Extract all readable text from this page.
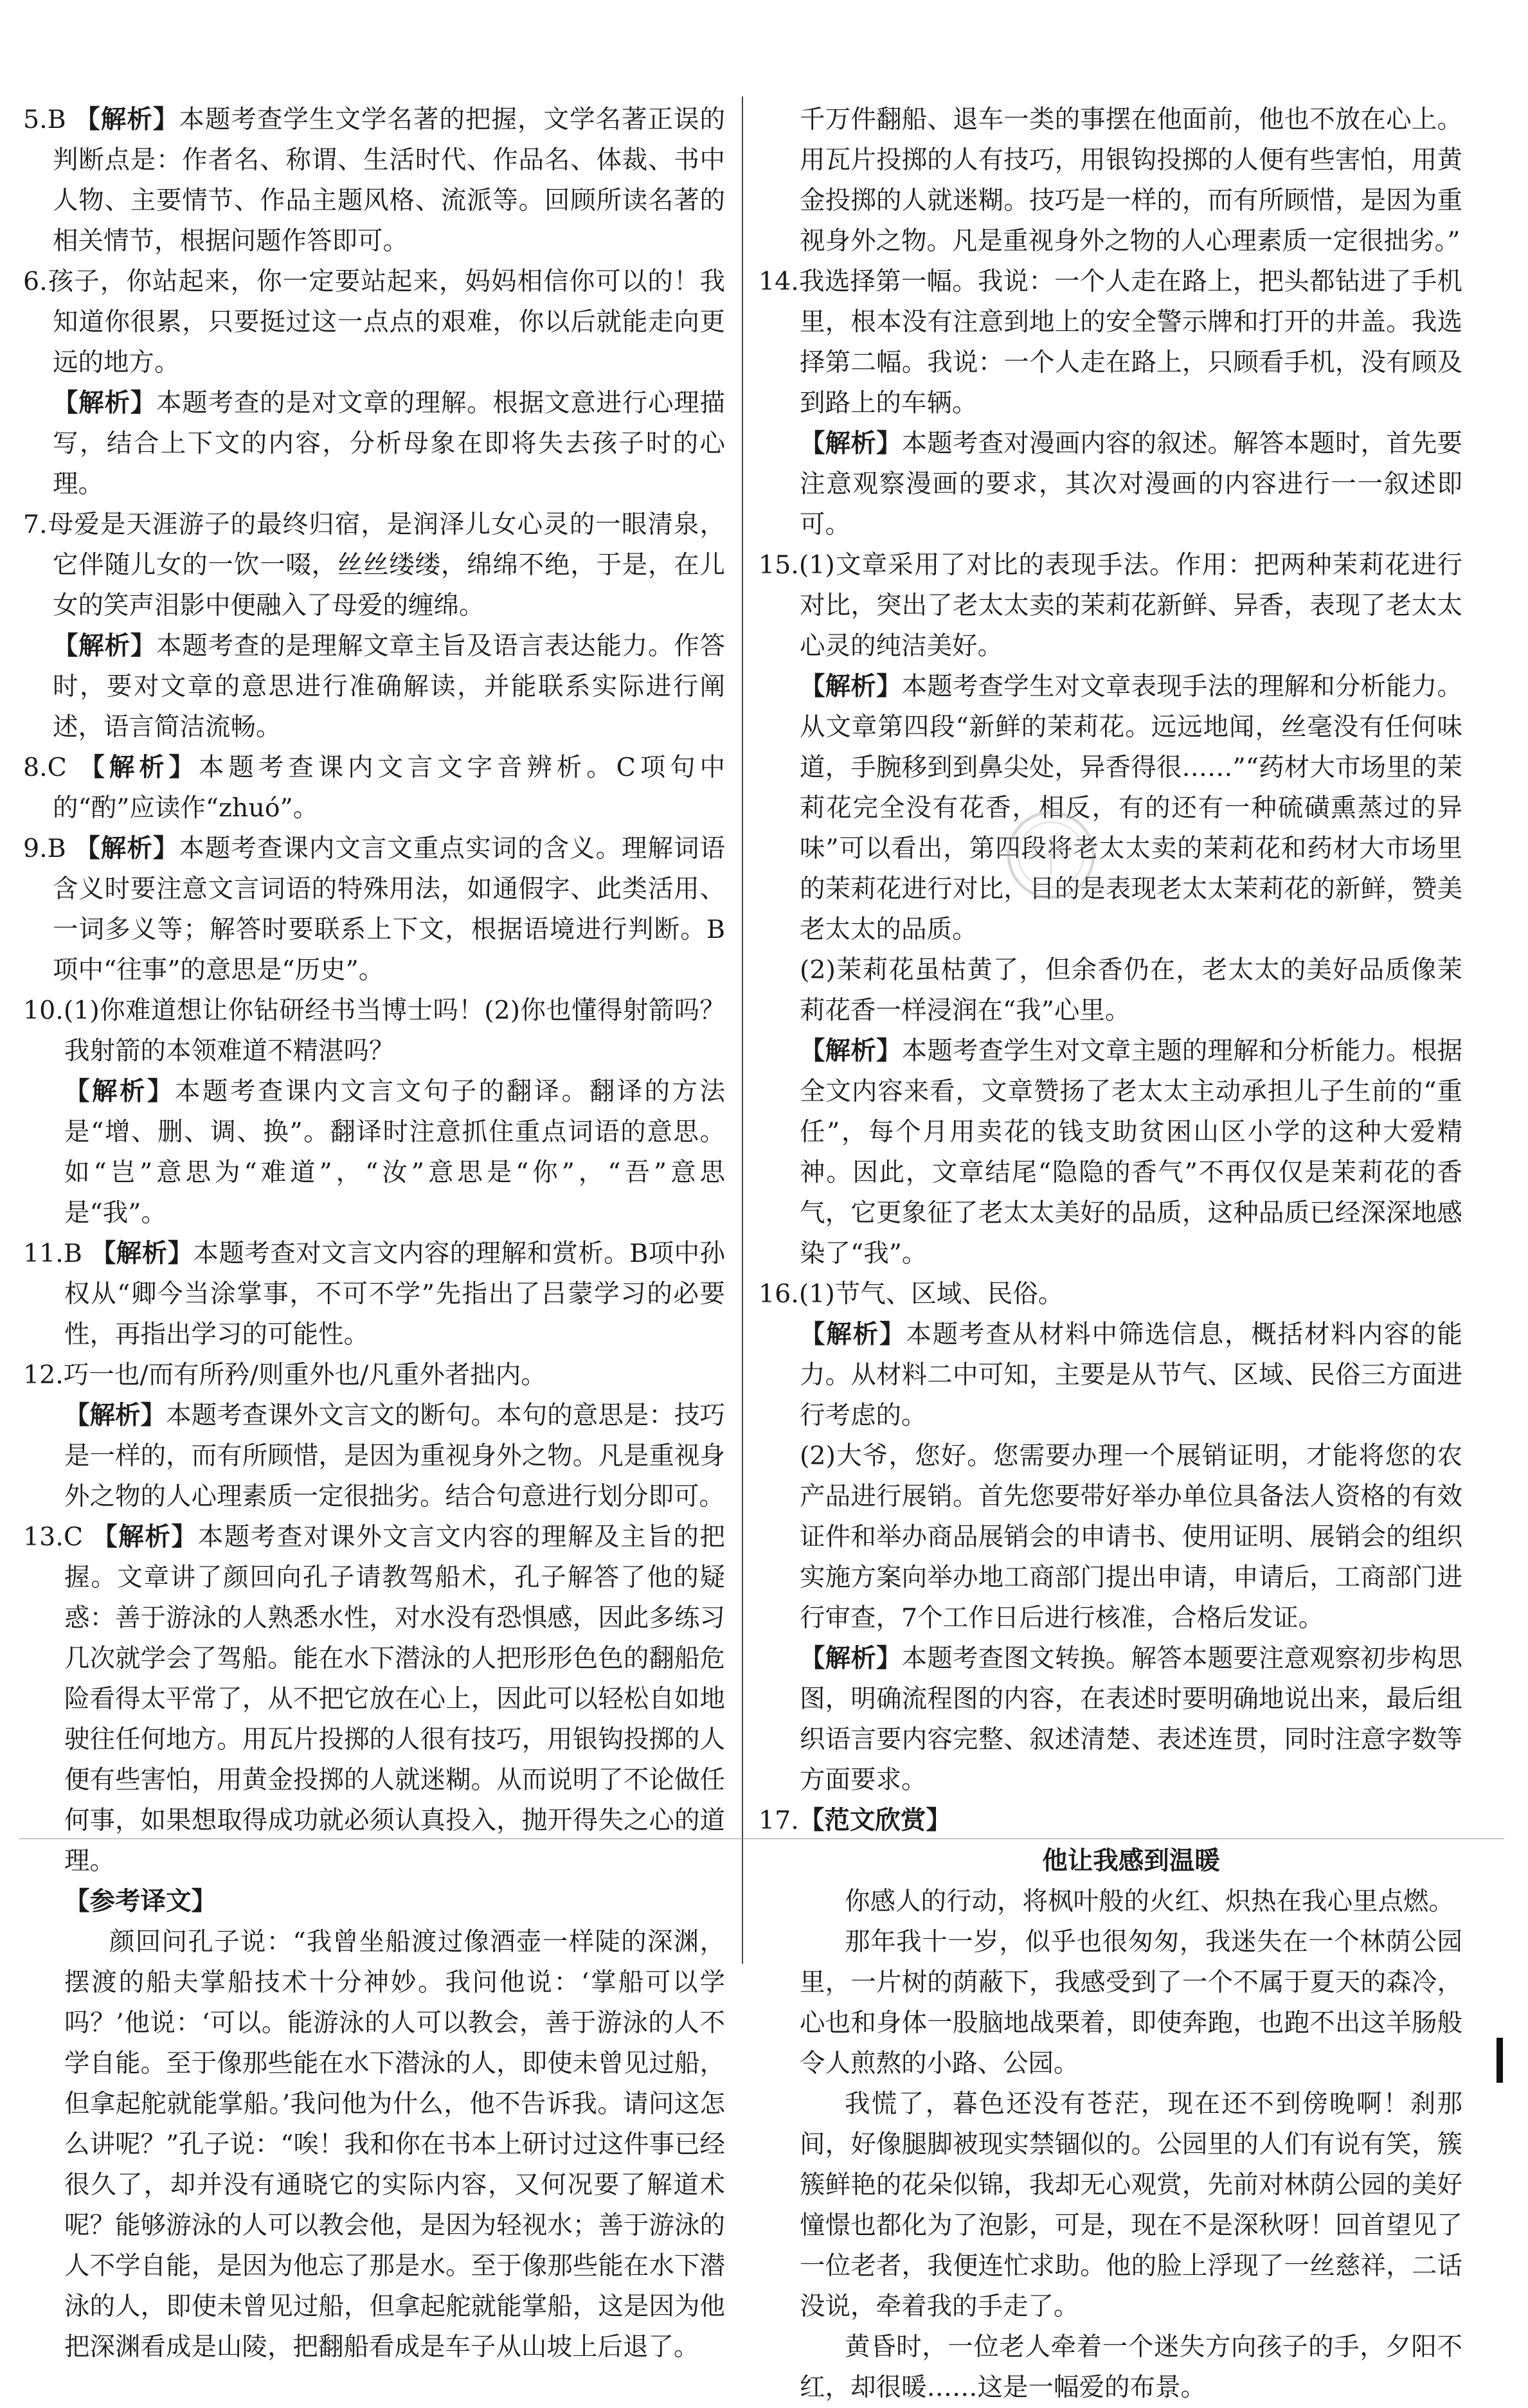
5.B 【解析】本题考查学生文学名著的把握，文学名著正误的判断点是：作者名、称谓、生活时代、作品名、体裁、书中人物、主要情节、作品主题风格、流派等。回顾所读名著的相关情节，根据问题作答即可。

6.孩子，你站起来，你一定要站起来，妈妈相信你可以的！我知道你很累，只要挺过这一点点的艰难，你以后就能走向更远的地方。

【解析】本题考查的是对文章的理解。根据文意进行心理描写，结合上下文的内容，分析母象在即将失去孩子时的心理。

7.母爱是天涯游子的最终归宿，是润泽儿女心灵的一眼清泉，它伴随儿女的一饮一啜，丝丝缕缕，绵绵不绝，于是，在儿女的笑声泪影中便融入了母爱的缠绵。

【解析】本题考查的是理解文章主旨及语言表达能力。作答时，要对文章的意思进行准确解读，并能联系实际进行阐述，语言简洁流畅。

8.C 【解析】本题考查课内文言文字音辨析。C项句中的“酌”应读作“zhuó”。

9.B 【解析】本题考查课内文言文重点实词的含义。理解词语含义时要注意文言词语的特殊用法，如通假字、此类活用、一词多义等；解答时要联系上下文，根据语境进行判断。B项中“往事”的意思是“历史”。

10.(1)你难道想让你钻研经书当博士吗！(2)你也懂得射箭吗？我射箭的本领难道不精湛吗？

【解析】本题考查课内文言文句子的翻译。翻译的方法是“增、删、调、换”。翻译时注意抓住重点词语的意思。如“岂”意思为“难道”，“汝”意思是“你”，“吾”意思是“我”。

11.B 【解析】本题考查对文言文内容的理解和赏析。B项中孙权从“卿今当涂掌事，不可不学”先指出了吕蒙学习的必要性，再指出学习的可能性。

12.巧一也/而有所矜/则重外也/凡重外者拙内。

【解析】本题考查课外文言文的断句。本句的意思是：技巧是一样的，而有所顾惜，是因为重视身外之物。凡是重视身外之物的人心理素质一定很拙劣。结合句意进行划分即可。

13.C 【解析】本题考查对课外文言文内容的理解及主旨的把握。文章讲了颜回向孔子请教驾船术，孔子解答了他的疑惑：善于游泳的人熟悉水性，对水没有恐惧感，因此多练习几次就学会了驾船。能在水下潜泳的人把形形色色的翻船危险看得太平常了，从不把它放在心上，因此可以轻松自如地驶往任何地方。用瓦片投掷的人很有技巧，用银钩投掷的人便有些害怕，用黄金投掷的人就迷糊。从而说明了不论做任何事，如果想取得成功就必须认真投入，抛开得失之心的道理。

【参考译文】

颜回问孔子说：“我曾坐船渡过像酒壶一样陡的深渊，摆渡的船夫掌船技术十分神妙。我问他说：‘掌船可以学吗？’他说：‘可以。能游泳的人可以教会，善于游泳的人不学自能。至于像那些能在水下潜泳的人，即使未曾见过船，但拿起舵就能掌船。’我问他为什么，他不告诉我。请问这怎么讲呢？”孔子说：“唉！我和你在书本上研讨过这件事已经很久了，却并没有通晓它的实际内容，又何况要了解道术呢？能够游泳的人可以教会他，是因为轻视水；善于游泳的人不学自能，是因为他忘了那是水。至于像那些能在水下潜泳的人，即使未曾见过船，但拿起舵就能掌船，这是因为他把深渊看成是山陵，把翻船看成是车子从山坡上后退了。

千万件翻船、退车一类的事摆在他面前，他也不放在心上。用瓦片投掷的人有技巧，用银钩投掷的人便有些害怕，用黄金投掷的人就迷糊。技巧是一样的，而有所顾惜，是因为重视身外之物。凡是重视身外之物的人心理素质一定很拙劣。”

14.我选择第一幅。我说：一个人走在路上，把头都钻进了手机里，根本没有注意到地上的安全警示牌和打开的井盖。我选择第二幅。我说：一个人走在路上，只顾看手机，没有顾及到路上的车辆。

【解析】本题考查对漫画内容的叙述。解答本题时，首先要注意观察漫画的要求，其次对漫画的内容进行一一叙述即可。

15.(1)文章采用了对比的表现手法。作用：把两种茉莉花进行对比，突出了老太太卖的茉莉花新鲜、异香，表现了老太太心灵的纯洁美好。

【解析】本题考查学生对文章表现手法的理解和分析能力。从文章第四段“新鲜的茉莉花。远远地闻，丝毫没有任何味道，手腕移到到鼻尖处，异香得很……”“药材大市场里的茉莉花完全没有花香，相反，有的还有一种硫磺熏蒸过的异味”可以看出，第四段将老太太卖的茉莉花和药材大市场里的茉莉花进行对比，目的是表现老太太茉莉花的新鲜，赞美老太太的品质。

(2)茉莉花虽枯黄了，但余香仍在，老太太的美好品质像茉莉花香一样浸润在“我”心里。

【解析】本题考查学生对文章主题的理解和分析能力。根据全文内容来看，文章赞扬了老太太主动承担儿子生前的“重任”，每个月用卖花的钱支助贫困山区小学的这种大爱精神。因此，文章结尾“隐隐的香气”不再仅仅是茉莉花的香气，它更象征了老太太美好的品质，这种品质已经深深地感染了“我”。

16.(1)节气、区域、民俗。

【解析】本题考查从材料中筛选信息，概括材料内容的能力。从材料二中可知，主要是从节气、区域、民俗三方面进行考虑的。

(2)大爷，您好。您需要办理一个展销证明，才能将您的农产品进行展销。首先您要带好举办单位具备法人资格的有效证件和举办商品展销会的申请书、使用证明、展销会的组织实施方案向举办地工商部门提出申请，申请后，工商部门进行审查，7个工作日后进行核准，合格后发证。

【解析】本题考查图文转换。解答本题要注意观察初步构思图，明确流程图的内容，在表述时要明确地说出来，最后组织语言要内容完整、叙述清楚、表述连贯，同时注意字数等方面要求。

17.【范文欣赏】

他让我感到温暖

你感人的行动，将枫叶般的火红、炽热在我心里点燃。

那年我十一岁，似乎也很匆匆，我迷失在一个林荫公园里，一片树的荫蔽下，我感受到了一个不属于夏天的森冷，心也和身体一股脑地战栗着，即使奔跑，也跑不出这羊肠般令人煎熬的小路、公园。

我慌了，暮色还没有苍茫，现在还不到傍晚啊！刹那间，好像腿脚被现实禁锢似的。公园里的人们有说有笑，簇簇鲜艳的花朵似锦，我却无心观赏，先前对林荫公园的美好憧憬也都化为了泡影，可是，现在不是深秋呀！回首望见了一位老者，我便连忙求助。他的脸上浮现了一丝慈祥，二话没说，牵着我的手走了。

黄昏时，一位老人牵着一个迷失方向孩子的手，夕阳不红，却很暖……这是一幅爱的布景。
